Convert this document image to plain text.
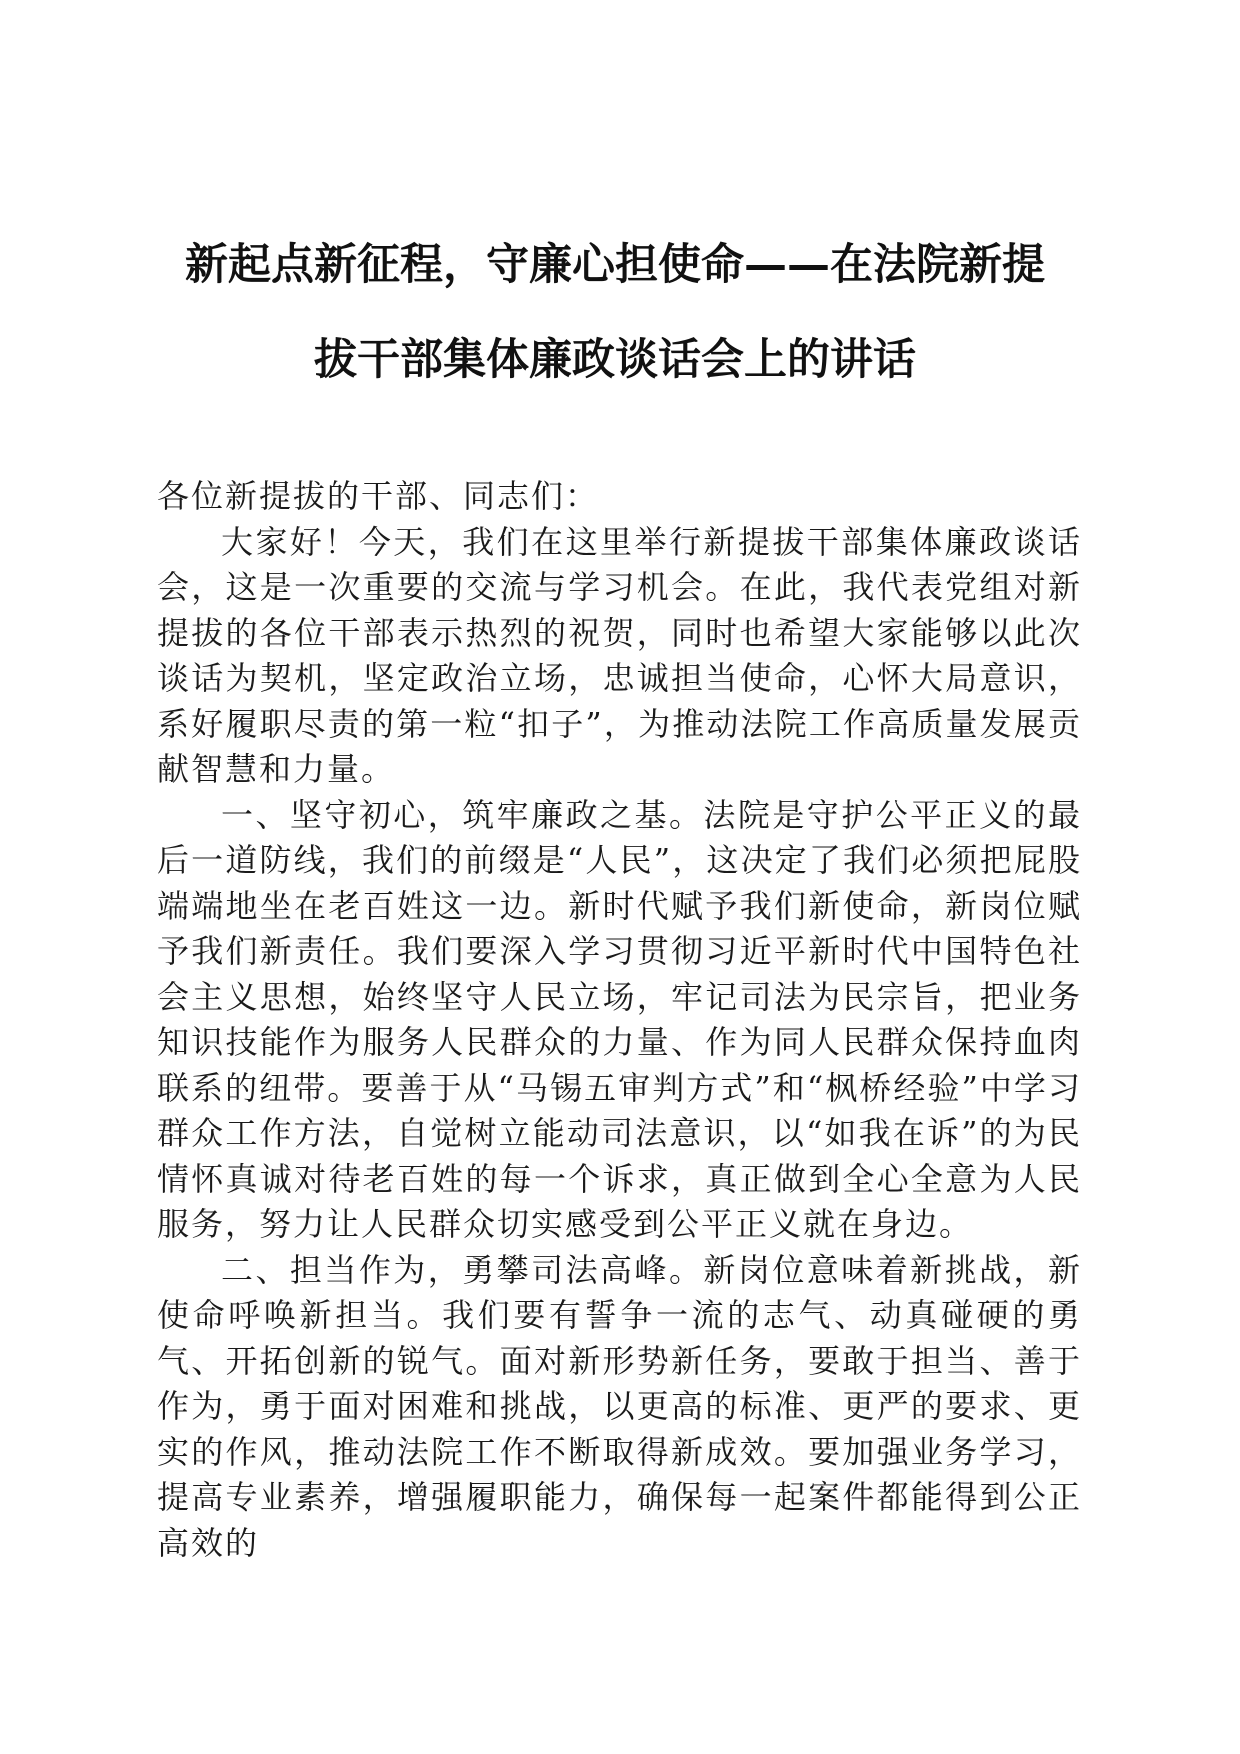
新起点新征程，守廉心担使命——在法院新提
拔干部集体廉政谈话会上的讲话

各位新提拔的干部、同志们：

大家好！今天，我们在这里举行新提拔干部集体廉政谈话会，这是一次重要的交流与学习机会。在此，我代表党组对新提拔的各位干部表示热烈的祝贺，同时也希望大家能够以此次谈话为契机，坚定政治立场，忠诚担当使命，心怀大局意识，系好履职尽责的第一粒“扣子”，为推动法院工作高质量发展贡献智慧和力量。

一、坚守初心，筑牢廉政之基。法院是守护公平正义的最后一道防线，我们的前缀是“人民”，这决定了我们必须把屁股端端地坐在老百姓这一边。新时代赋予我们新使命，新岗位赋予我们新责任。我们要深入学习贯彻习近平新时代中国特色社会主义思想，始终坚守人民立场，牢记司法为民宗旨，把业务知识技能作为服务人民群众的力量、作为同人民群众保持血肉联系的纽带。要善于从“马锡五审判方式”和“枫桥经验”中学习群众工作方法，自觉树立能动司法意识，以“如我在诉”的为民情怀真诚对待老百姓的每一个诉求，真正做到全心全意为人民服务，努力让人民群众切实感受到公平正义就在身边。

二、担当作为，勇攀司法高峰。新岗位意味着新挑战，新使命呼唤新担当。我们要有誓争一流的志气、动真碰硬的勇气、开拓创新的锐气。面对新形势新任务，要敢于担当、善于作为，勇于面对困难和挑战，以更高的标准、更严的要求、更实的作风，推动法院工作不断取得新成效。要加强业务学习，提高专业素养，增强履职能力，确保每一起案件都能得到公正高效的
